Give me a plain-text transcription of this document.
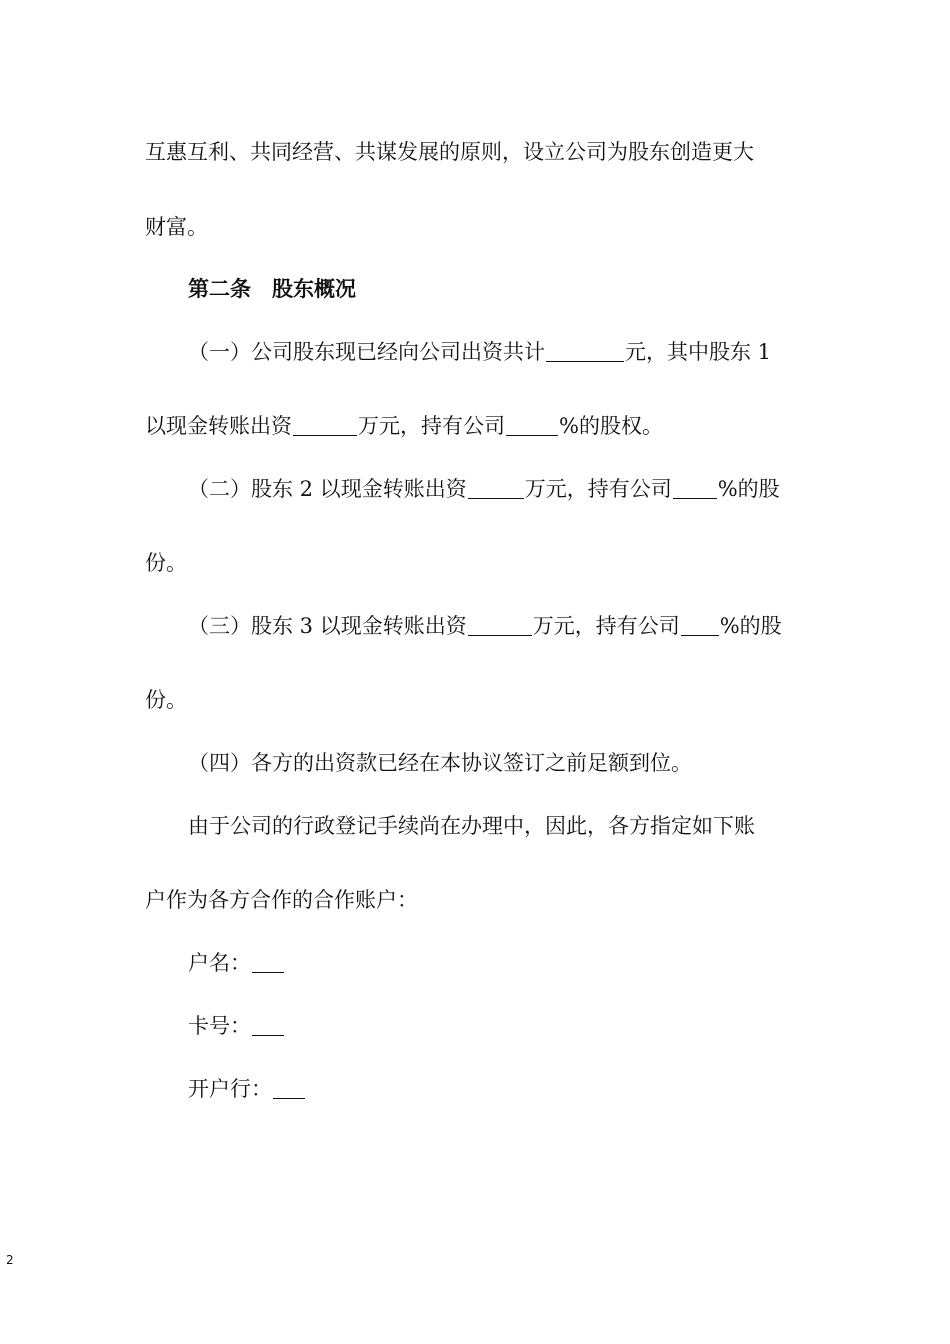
互惠互利、共同经营、共谋发展的原则，设立公司为股东创造更大
财富。
第二条　股东概况
（一）公司股东现已经向公司出资共计	元，其中股东 1
以现金转账出资	万元，持有公司	%的股权。
（二）股东 2 以现金转账出资	万元，持有公司 %的股
份。
（三）股东 3 以现金转账出资	万元，持有公司 %的股
份。
（四）各方的出资款已经在本协议签订之前足额到位。
由于公司的行政登记手续尚在办理中，因此，各方指定如下账
户作为各方合作的合作账户：
户名：
卡号：
开户行：
2
